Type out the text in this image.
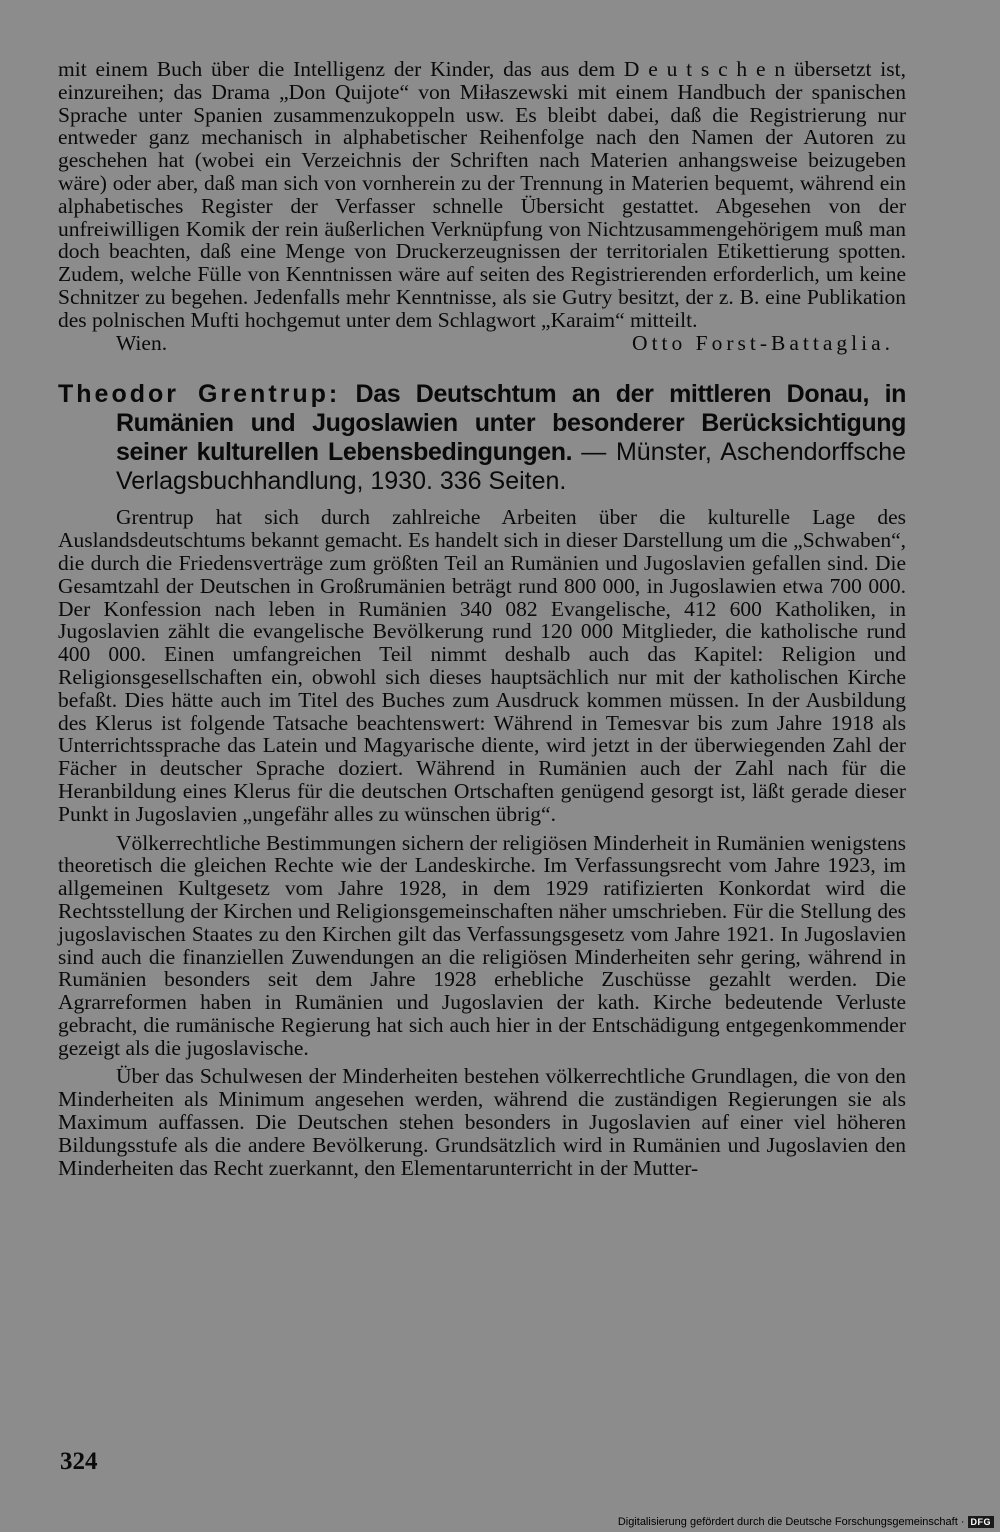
mit einem Buch über die Intelligenz der Kinder, das aus dem D e u t s c h e n übersetzt ist, einzureihen; das Drama „Don Quijote“ von Miłaszewski mit einem Handbuch der spanischen Sprache unter Spanien zusammenzukoppeln usw. Es bleibt dabei, daß die Registrierung nur entweder ganz mechanisch in alphabetischer Reihenfolge nach den Namen der Autoren zu geschehen hat (wobei ein Verzeichnis der Schriften nach Materien anhangsweise beizugeben wäre) oder aber, daß man sich von vornherein zu der Trennung in Materien bequemt, während ein alphabetisches Register der Verfasser schnelle Übersicht gestattet. Abgesehen von der unfreiwilligen Komik der rein äußerlichen Verknüpfung von Nichtzusammengehörigem muß man doch beachten, daß eine Menge von Druckerzeugnissen der territorialen Etikettierung spotten. Zudem, welche Fülle von Kenntnissen wäre auf seiten des Registrierenden erforderlich, um keine Schnitzer zu begehen. Jedenfalls mehr Kenntnisse, als sie Gutry besitzt, der z. B. eine Publikation des polnischen Mufti hochgemut unter dem Schlagwort „Karaim“ mitteilt.

Wien.	Otto Forst-Battaglia.
Theodor Grentrup: Das Deutschtum an der mittleren Donau, in Rumänien und Jugoslawien unter besonderer Berücksichtigung seiner kulturellen Lebensbedingungen. — Münster, Aschendorffsche Verlagsbuchhandlung, 1930. 336 Seiten.

Grentrup hat sich durch zahlreiche Arbeiten über die kulturelle Lage des Auslandsdeutschtums bekannt gemacht. Es handelt sich in dieser Darstellung um die „Schwaben“, die durch die Friedensverträge zum größten Teil an Rumänien und Jugoslavien gefallen sind. Die Gesamtzahl der Deutschen in Großrumänien beträgt rund 800 000, in Jugoslawien etwa 700 000. Der Konfession nach leben in Rumänien 340 082 Evangelische, 412 600 Katholiken, in Jugoslavien zählt die evangelische Bevölkerung rund 120 000 Mitglieder, die katholische rund 400 000. Einen umfangreichen Teil nimmt deshalb auch das Kapitel: Religion und Religionsgesellschaften ein, obwohl sich dieses hauptsächlich nur mit der katholischen Kirche befaßt. Dies hätte auch im Titel des Buches zum Ausdruck kommen müssen. In der Ausbildung des Klerus ist folgende Tatsache beachtenswert: Während in Temesvar bis zum Jahre 1918 als Unterrichtssprache das Latein und Magyarische diente, wird jetzt in der überwiegenden Zahl der Fächer in deutscher Sprache doziert. Während in Rumänien auch der Zahl nach für die Heranbildung eines Klerus für die deutschen Ortschaften genügend gesorgt ist, läßt gerade dieser Punkt in Jugoslavien „ungefähr alles zu wünschen übrig“.

Völkerrechtliche Bestimmungen sichern der religiösen Minderheit in Rumänien wenigstens theoretisch die gleichen Rechte wie der Landeskirche. Im Verfassungsrecht vom Jahre 1923, im allgemeinen Kultgesetz vom Jahre 1928, in dem 1929 ratifizierten Konkordat wird die Rechtsstellung der Kirchen und Religionsgemeinschaften näher umschrieben. Für die Stellung des jugoslavischen Staates zu den Kirchen gilt das Verfassungsgesetz vom Jahre 1921. In Jugoslavien sind auch die finanziellen Zuwendungen an die religiösen Minderheiten sehr gering, während in Rumänien besonders seit dem Jahre 1928 erhebliche Zuschüsse gezahlt werden. Die Agrarreformen haben in Rumänien und Jugoslavien der kath. Kirche bedeutende Verluste gebracht, die rumänische Regierung hat sich auch hier in der Entschädigung entgegenkommender gezeigt als die jugoslavische.

Über das Schulwesen der Minderheiten bestehen völkerrechtliche Grundlagen, die von den Minderheiten als Minimum angesehen werden, während die zuständigen Regierungen sie als Maximum auffassen. Die Deutschen stehen besonders in Jugoslavien auf einer viel höheren Bildungsstufe als die andere Bevölkerung. Grundsätzlich wird in Rumänien und Jugoslavien den Minderheiten das Recht zuerkannt, den Elementarunterricht in der Mutter-

324
Digitalisierung gefördert durch die Deutsche Forschungsgemeinschaft · DFG
